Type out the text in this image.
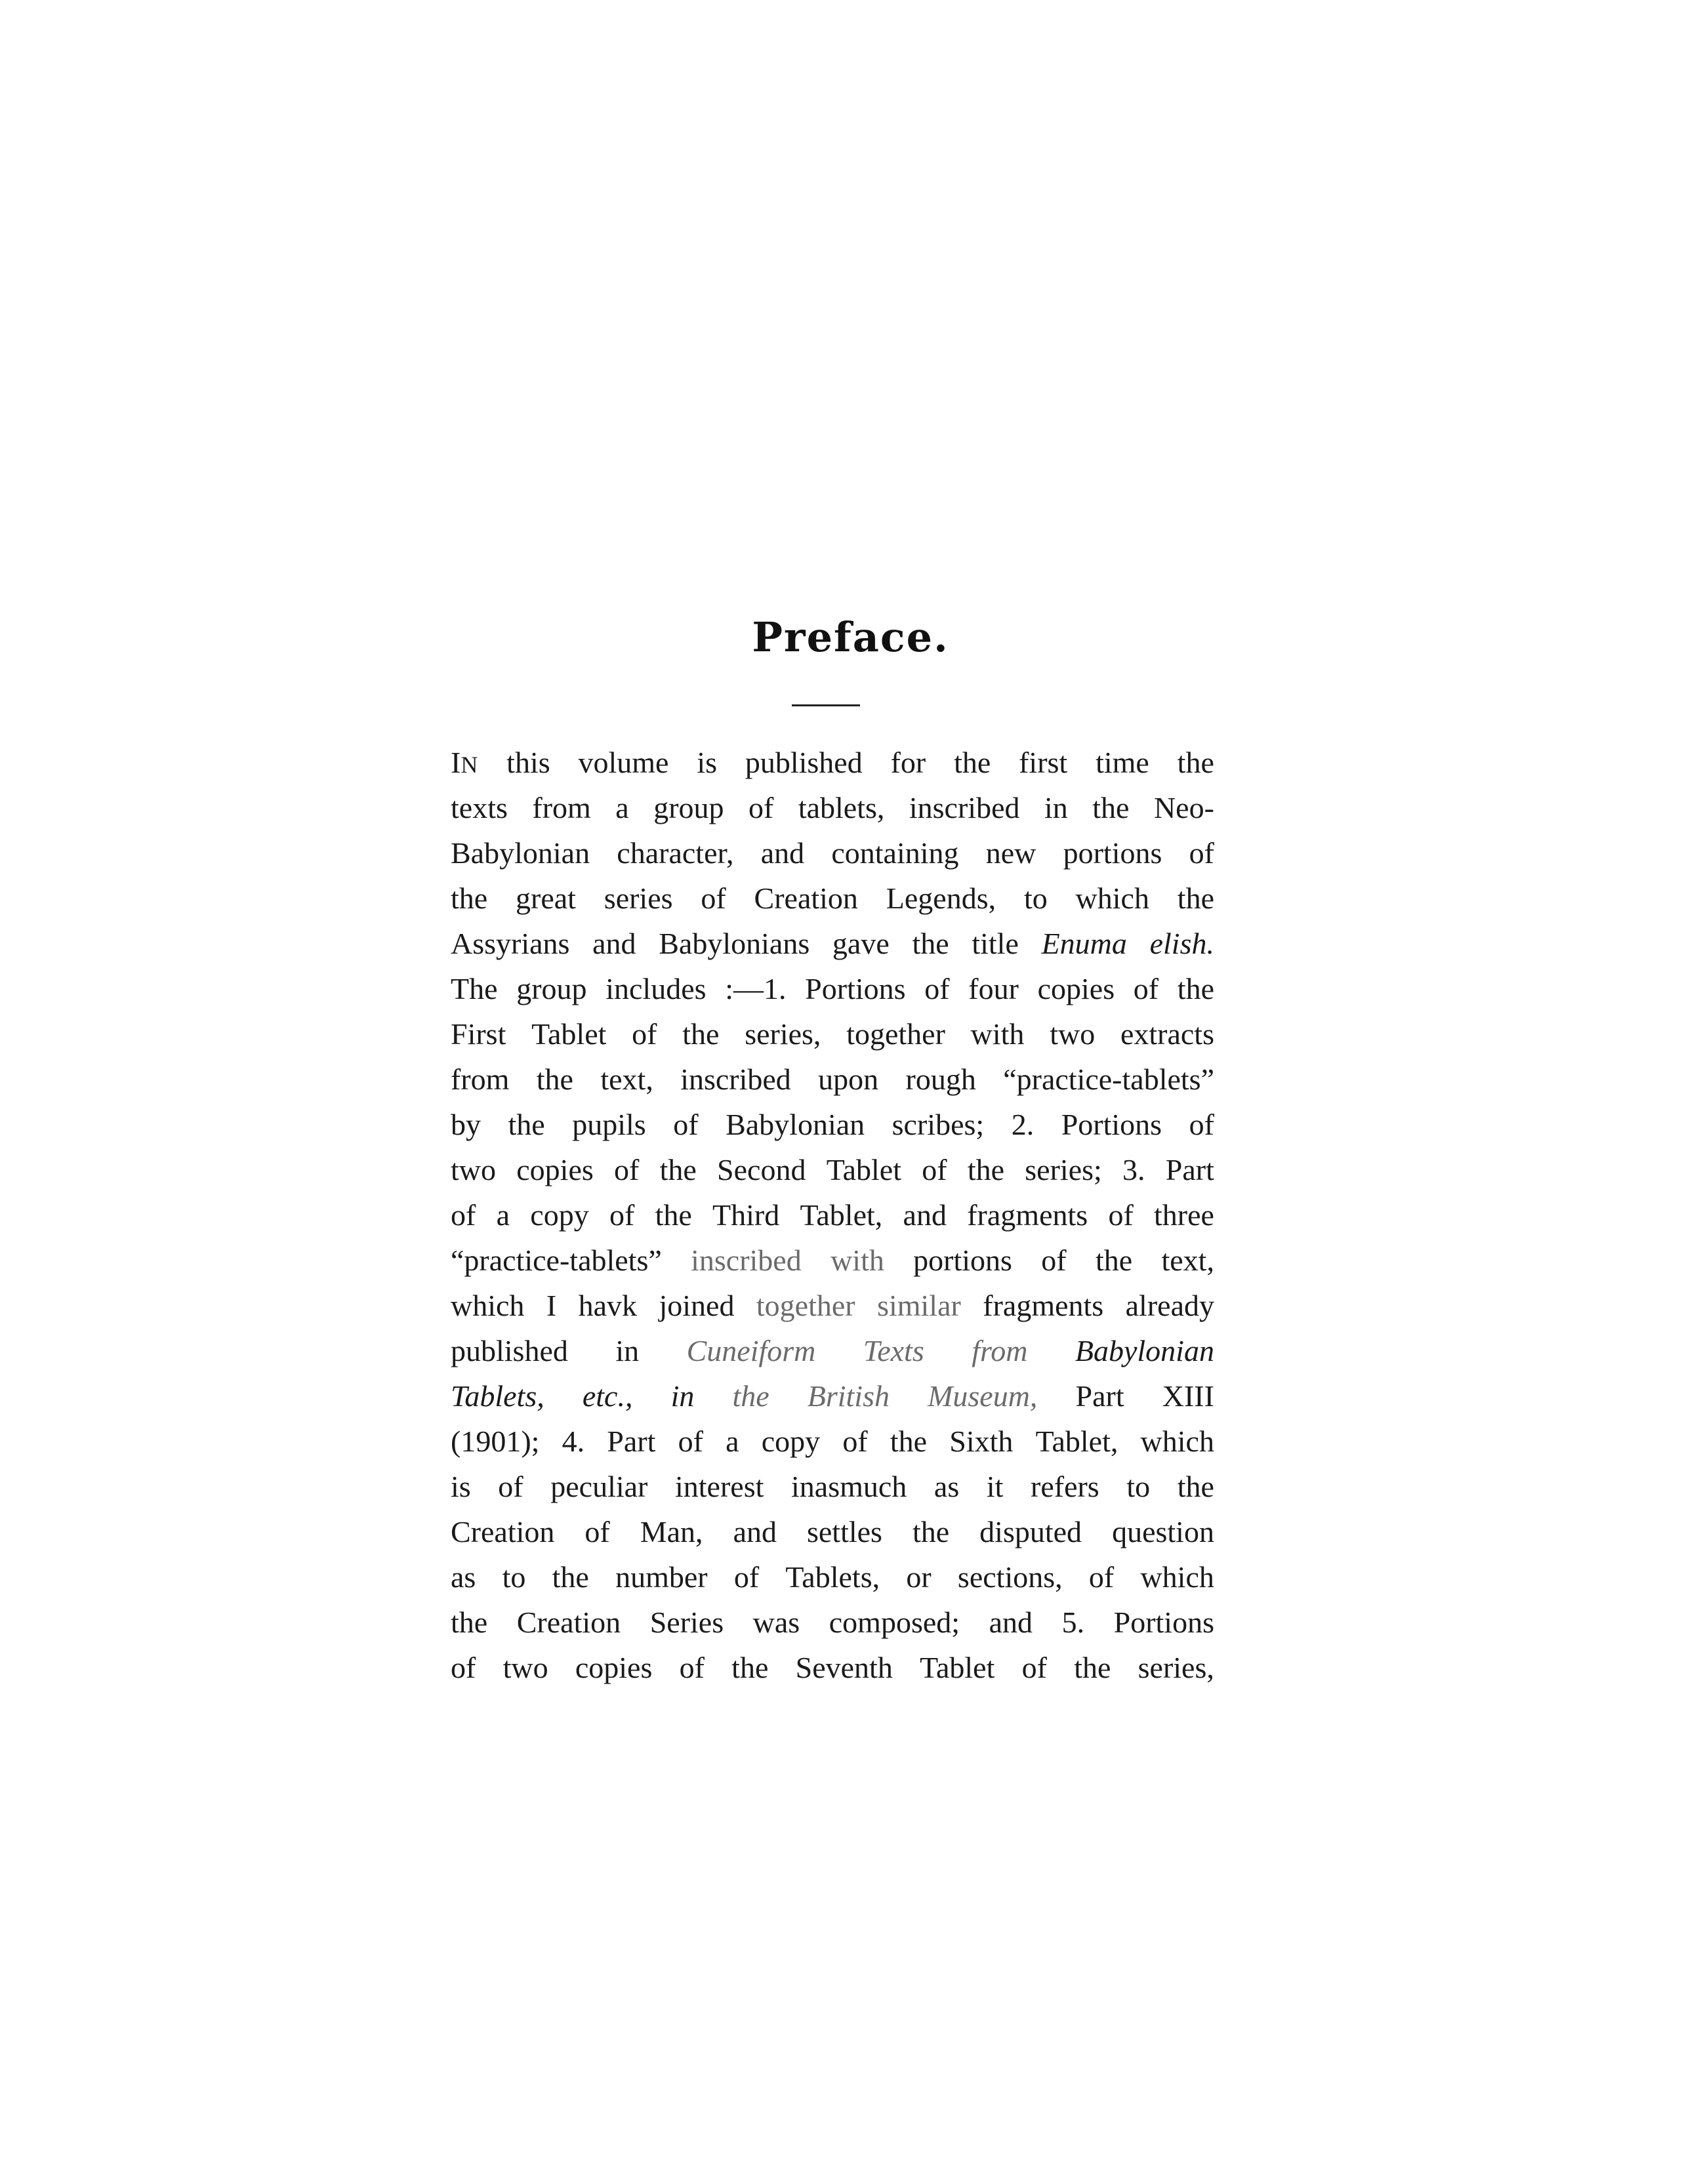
Preface.
IN this volume is published for the first time the
texts from a group of tablets, inscribed in the Neo-
Babylonian character, and containing new portions of
the great series of Creation Legends, to which the
Assyrians and Babylonians gave the title Enuma elish.
The group includes :—1. Portions of four copies of the
First Tablet of the series, together with two extracts
from the text, inscribed upon rough “practice-tablets”
by the pupils of Babylonian scribes; 2. Portions of
two copies of the Second Tablet of the series; 3. Part
of a copy of the Third Tablet, and fragments of three
“practice-tablets” inscribed with portions of the text,
which I havk joined together similar fragments already
published in Cuneiform Texts from Babylonian
Tablets, etc., in the British Museum, Part XIII
(1901); 4. Part of a copy of the Sixth Tablet, which
is of peculiar interest inasmuch as it refers to the
Creation of Man, and settles the disputed question
as to the number of Tablets, or sections, of which
the Creation Series was composed; and 5. Portions
of two copies of the Seventh Tablet of the series,
